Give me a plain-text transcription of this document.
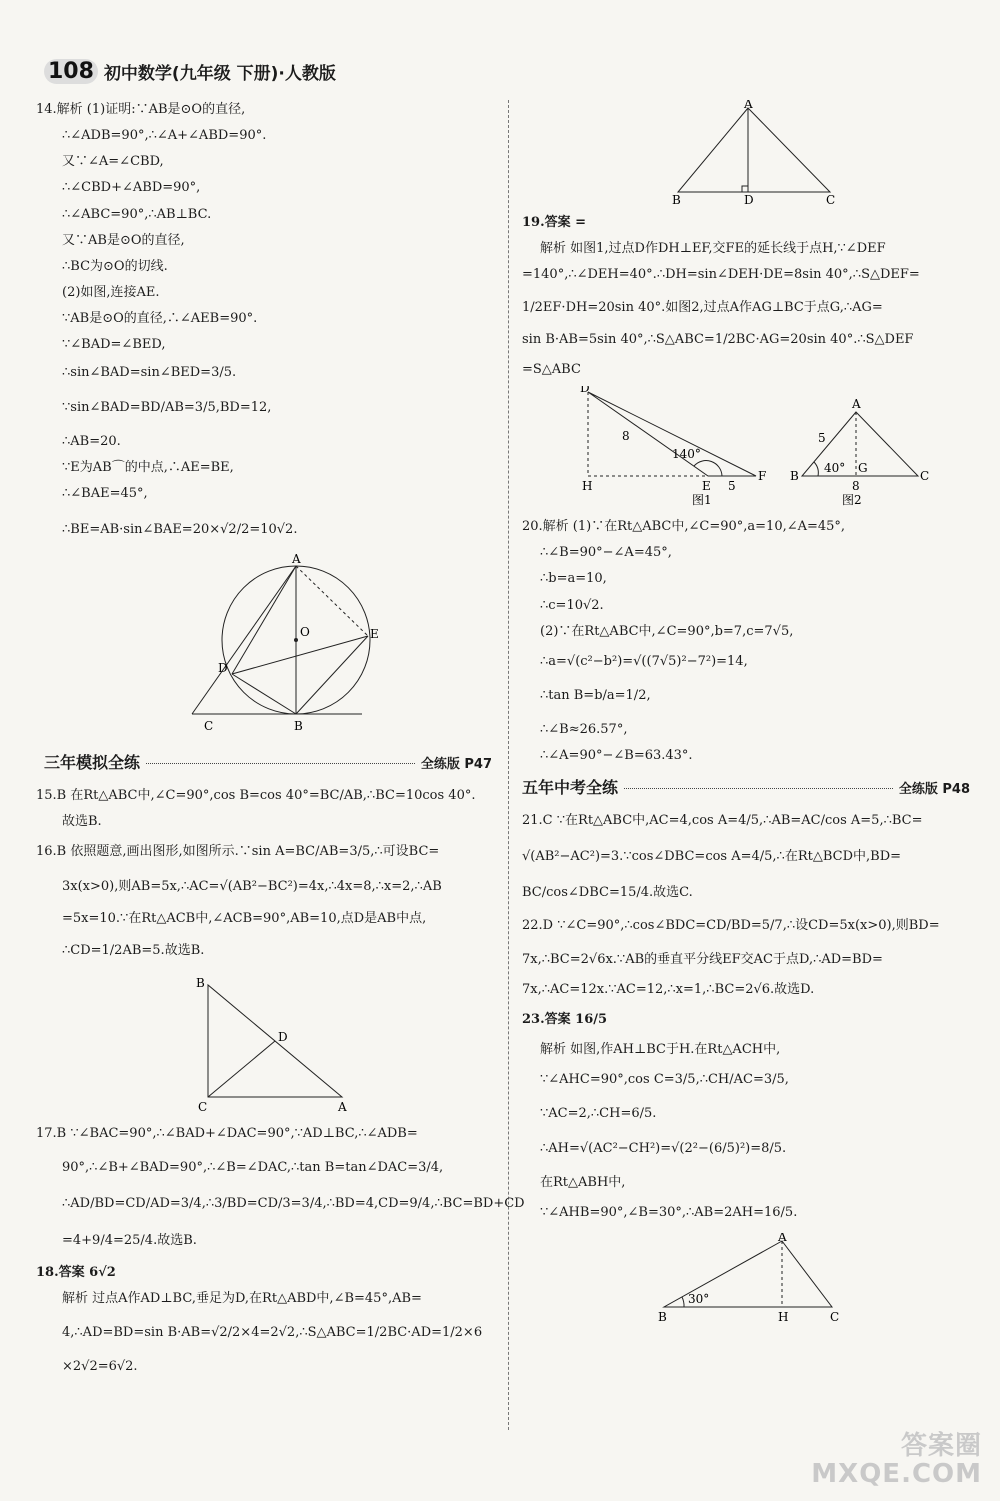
108 初中数学(九年级 下册)·人教版
14.解析 (1)证明:∵AB是⊙O的直径,
∴∠ADB=90°,∴∠A+∠ABD=90°.
又∵∠A=∠CBD,
∴∠CBD+∠ABD=90°,
∴∠ABC=90°,∴AB⊥BC.
又∵AB是⊙O的直径,
∴BC为⊙O的切线.
(2)如图,连接AE.
∵AB是⊙O的直径,∴∠AEB=90°.
∵∠BAD=∠BED,
∴sin∠BAD=sin∠BED=3/5.
∵sin∠BAD=BD/AB=3/5,BD=12,
∴AB=20.
∵E为AB⌒的中点,∴AE=BE,
∴∠BAE=45°,
∴BE=AB·sin∠BAE=20×√2/2=10√2.
A
O	E
D
C	B
三年模拟全练	全练版 P47
15.B 在Rt△ABC中,∠C=90°,cos B=cos 40°=BC/AB,∴BC=10cos 40°.
故选B.
16.B 依照题意,画出图形,如图所示.∵sin A=BC/AB=3/5,∴可设BC=
3x(x>0),则AB=5x,∴AC=√(AB²−BC²)=4x,∴4x=8,∴x=2,∴AB
=5x=10.∵在Rt△ACB中,∠ACB=90°,AB=10,点D是AB中点,
∴CD=1/2AB=5.故选B.
B
D
C	A
17.B ∵∠BAC=90°,∴∠BAD+∠DAC=90°,∵AD⊥BC,∴∠ADB=
90°,∴∠B+∠BAD=90°,∴∠B=∠DAC,∴tan B=tan∠DAC=3/4,
∴AD/BD=CD/AD=3/4,∴3/BD=CD/3=3/4,∴BD=4,CD=9/4,∴BC=BD+CD
=4+9/4=25/4.故选B.
18.答案 6√2
解析 过点A作AD⊥BC,垂足为D,在Rt△ABD中,∠B=45°,AB=
4,∴AD=BD=sin B·AB=√2/2×4=2√2,∴S△ABC=1/2BC·AD=1/2×6
×2√2=6√2.
A
B	D	C
19.答案 =
解析 如图1,过点D作DH⊥EF,交FE的延长线于点H,∵∠DEF
=140°,∴∠DEH=40°.∴DH=sin∠DEH·DE=8sin 40°,∴S△DEF=
1/2EF·DH=20sin 40°.如图2,过点A作AG⊥BC于点G,∴AG=
sin B·AB=5sin 40°,∴S△ABC=1/2BC·AG=20sin 40°.∴S△DEF
=S△ABC
D
8
140°
H	E 5
F
图1
A
5
40°
B
G
8
C
图2
20.解析 (1)∵在Rt△ABC中,∠C=90°,a=10,∠A=45°,
∴∠B=90°−∠A=45°,
∴b=a=10,
∴c=10√2.
(2)∵在Rt△ABC中,∠C=90°,b=7,c=7√5,
∴a=√(c²−b²)=√((7√5)²−7²)=14,
∴tan B=b/a=1/2,
∴∠B≈26.57°,
∴∠A=90°−∠B=63.43°.
五年中考全练	全练版 P48
21.C ∵在Rt△ABC中,AC=4,cos A=4/5,∴AB=AC/cos A=5,∴BC=
√(AB²−AC²)=3.∵cos∠DBC=cos A=4/5,∴在Rt△BCD中,BD=
BC/cos∠DBC=15/4.故选C.
22.D ∵∠C=90°,∴cos∠BDC=CD/BD=5/7,∴设CD=5x(x>0),则BD=
7x,∴BC=2√6x.∵AB的垂直平分线EF交AC于点D,∴AD=BD=
7x,∴AC=12x.∵AC=12,∴x=1,∴BC=2√6.故选D.
23.答案 16/5
解析 如图,作AH⊥BC于H.在Rt△ACH中,
∵∠AHC=90°,cos C=3/5,∴CH/AC=3/5,
∵AC=2,∴CH=6/5.
∴AH=√(AC²−CH²)=√(2²−(6/5)²)=8/5.
在Rt△ABH中,
∵∠AHB=90°,∠B=30°,∴AB=2AH=16/5.
A
30°
B	H	C
答案圈
MXQE.COM
